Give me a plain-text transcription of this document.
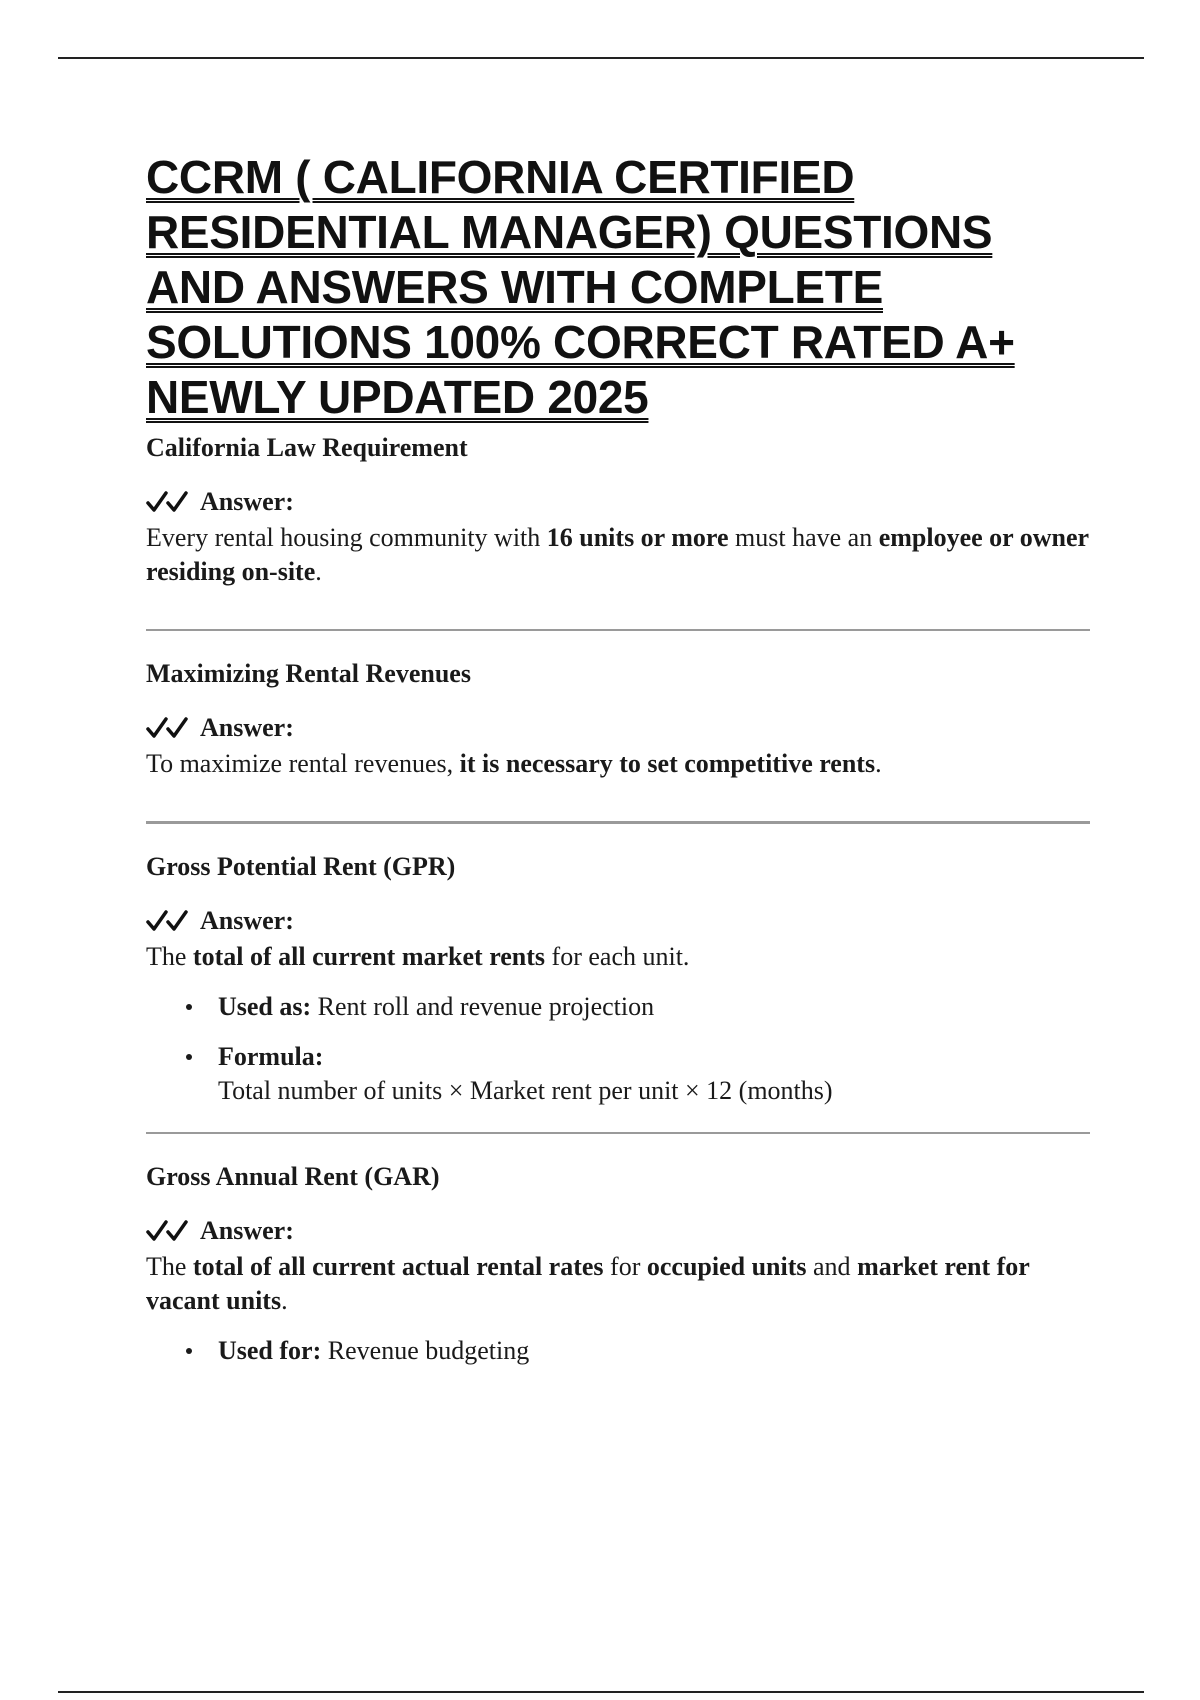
CCRM ( CALIFORNIA CERTIFIED RESIDENTIAL MANAGER) QUESTIONS AND ANSWERS WITH COMPLETE SOLUTIONS 100% CORRECT RATED A+ NEWLY UPDATED 2025

California Law Requirement

Answer:

Every rental housing community with 16 units or more must have an employee or owner residing on-site.

Maximizing Rental Revenues

Answer:

To maximize rental revenues, it is necessary to set competitive rents.

Gross Potential Rent (GPR)

Answer:

The total of all current market rents for each unit.

Used as: Rent roll and revenue projection
Formula:
Total number of units × Market rent per unit × 12 (months)

Gross Annual Rent (GAR)

Answer:

The total of all current actual rental rates for occupied units and market rent for vacant units.

Used for: Revenue budgeting
